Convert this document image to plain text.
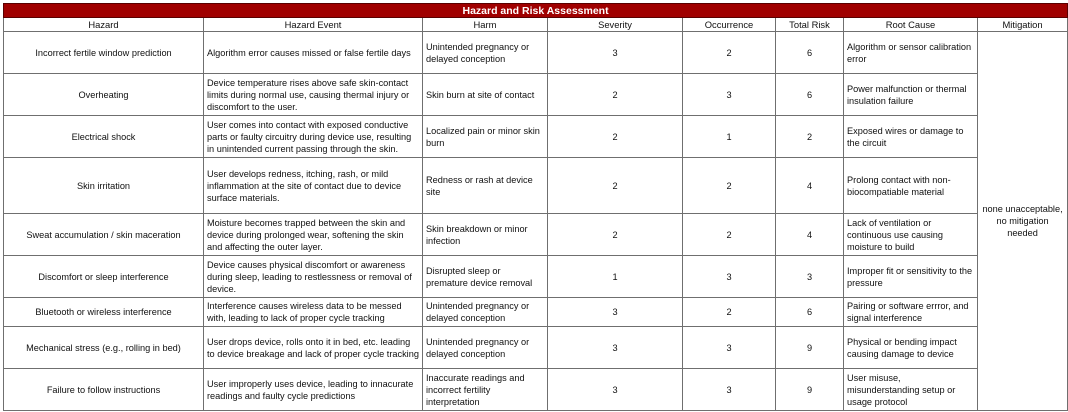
Hazard and Risk Assessment							
Hazard	Hazard Event	Harm	Severity	Occurrence	Total Risk	Root Cause	Mitigation
Incorrect fertile window prediction	Algorithm error causes missed or false fertile days	Unintended pregnancy or delayed conception	3	2	6	Algorithm or sensor calibration error	none unacceptable, no mitigation needed
Overheating	Device temperature rises above safe skin-contact limits during normal use, causing thermal injury or discomfort to the user.	Skin burn at site of contact	2	3	6	Power malfunction or thermal insulation failure	
Electrical shock	User comes into contact with exposed conductive parts or faulty circuitry during device use, resulting in unintended current passing through the skin.	Localized pain or minor skin burn	2	1	2	Exposed wires or damage to the circuit	
Skin irritation	User develops redness, itching, rash, or mild inflammation at the site of contact due to device surface materials.	Redness or rash at device site	2	2	4	Prolong contact with non-biocompatiable material	
Sweat accumulation / skin maceration	Moisture becomes trapped between the skin and device during prolonged wear, softening the skin and affecting the outer layer.	Skin breakdown or minor infection	2	2	4	Lack of ventilation or continuous use causing moisture to build	
Discomfort or sleep interference	Device causes physical discomfort or awareness during sleep, leading to restlessness or removal of device.	Disrupted sleep or premature device removal	1	3	3	Improper fit or sensitivity to the pressure	
Bluetooth or wireless interference	Interference causes wireless data to be messed with, leading to lack of proper cycle tracking	Unintended pregnancy or delayed conception	3	2	6	Pairing or software errror, and signal interference	
Mechanical stress (e.g., rolling in bed)	User drops device, rolls onto it in bed, etc. leading to device breakage and lack of proper cycle tracking	Unintended pregnancy or delayed conception	3	3	9	Physical or bending impact causing damage to device	
Failure to follow instructions	User improperly uses device, leading to innacurate readings and faulty cycle predictions	Inaccurate readings and incorrect fertility interpretation	3	3	9	User misuse, misunderstanding setup or usage protocol	
